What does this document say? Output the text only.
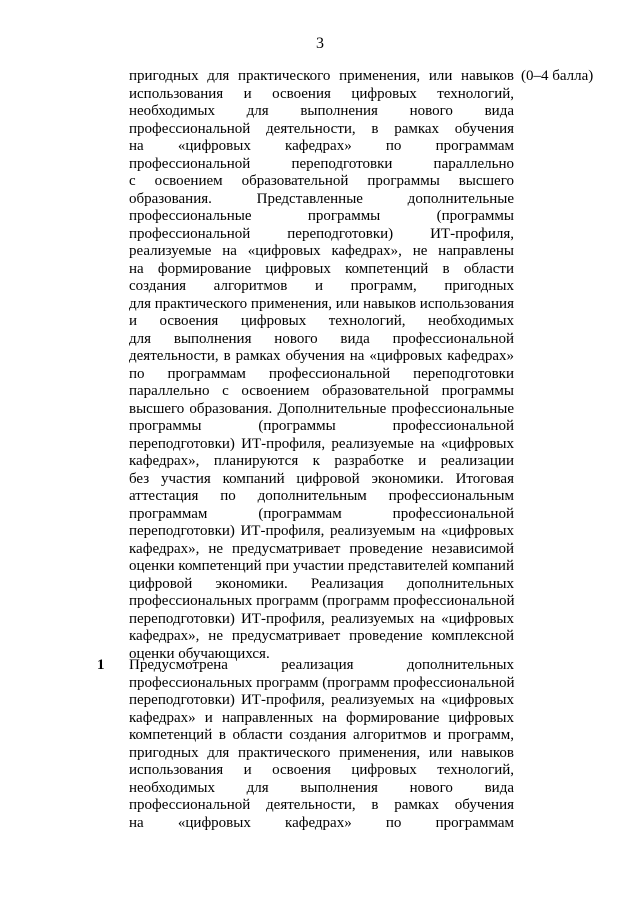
3
(0–4 балла)
пригодных для практического применения, или навыков
использования и освоения цифровых технологий,
необходимых для выполнения нового вида
профессиональной деятельности, в рамках обучения
на «цифровых кафедрах» по программам
профессиональной переподготовки параллельно
с освоением образовательной программы высшего
образования. Представленные дополнительные
профессиональные программы (программы
профессиональной переподготовки) ИТ-профиля,
реализуемые на «цифровых кафедрах», не направлены
на формирование цифровых компетенций в области
создания алгоритмов и программ, пригодных
для практического применения, или навыков использования
и освоения цифровых технологий, необходимых
для выполнения нового вида профессиональной
деятельности, в рамках обучения на «цифровых кафедрах»
по программам профессиональной переподготовки
параллельно с освоением образовательной программы
высшего образования. Дополнительные профессиональные
программы (программы профессиональной
переподготовки) ИТ-профиля, реализуемые на «цифровых
кафедрах», планируются к разработке и реализации
без участия компаний цифровой экономики. Итоговая
аттестация по дополнительным профессиональным
программам (программам профессиональной
переподготовки) ИТ-профиля, реализуемым на «цифровых
кафедрах», не предусматривает проведение независимой
оценки компетенций при участии представителей компаний
цифровой экономики. Реализация дополнительных
профессиональных программ (программ профессиональной
переподготовки) ИТ-профиля, реализуемых на «цифровых
кафедрах», не предусматривает проведение комплексной
оценки обучающихся.
1 Предусмотрена реализация дополнительных
профессиональных программ (программ профессиональной
переподготовки) ИТ-профиля, реализуемых на «цифровых
кафедрах» и направленных на формирование цифровых
компетенций в области создания алгоритмов и программ,
пригодных для практического применения, или навыков
использования и освоения цифровых технологий,
необходимых для выполнения нового вида
профессиональной деятельности, в рамках обучения
на «цифровых кафедрах» по программам
